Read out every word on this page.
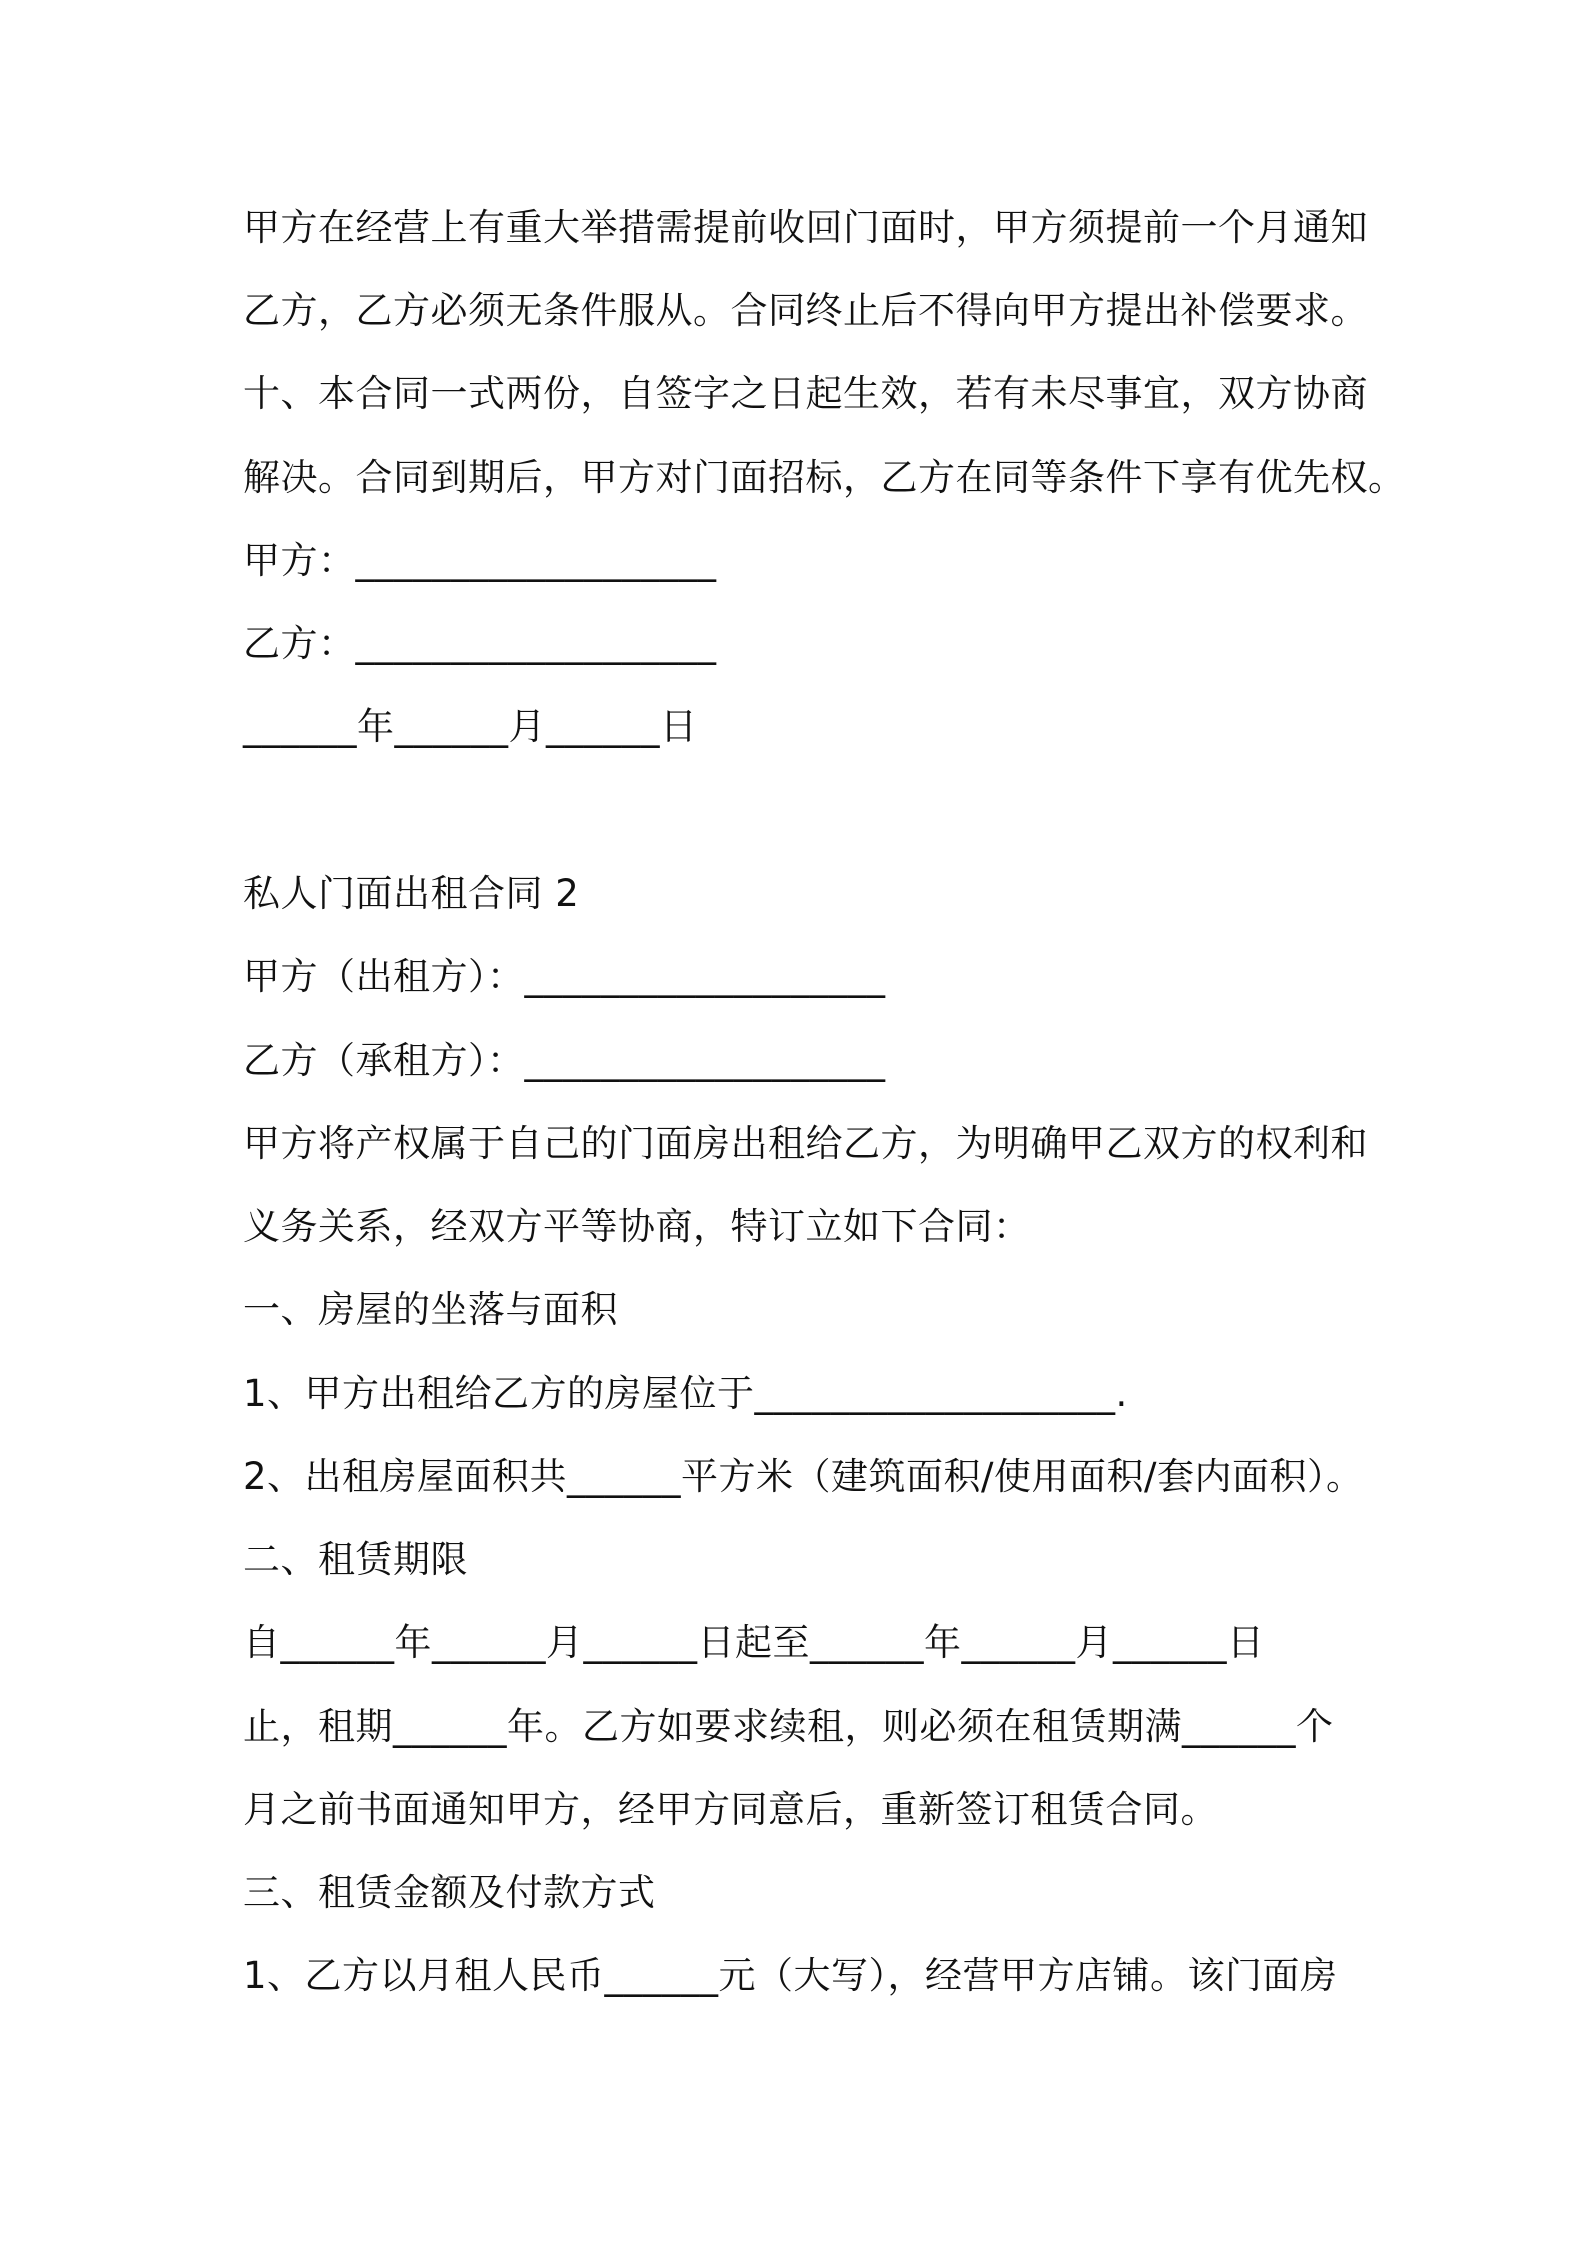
甲方在经营上有重大举措需提前收回门面时，甲方须提前一个月通知
乙方，乙方必须无条件服从。合同终止后不得向甲方提出补偿要求。
十、本合同一式两份，自签字之日起生效，若有未尽事宜，双方协商
解决。合同到期后，甲方对门面招标，乙方在同等条件下享有优先权。
甲方：___________________
乙方：___________________
______年______月______日
私人门面出租合同 2
甲方（出租方）：___________________
乙方（承租方）：___________________
甲方将产权属于自己的门面房出租给乙方，为明确甲乙双方的权利和
义务关系，经双方平等协商，特订立如下合同：
一、房屋的坐落与面积
1、甲方出租给乙方的房屋位于___________________.
2、出租房屋面积共______平方米（建筑面积/使用面积/套内面积）。
二、租赁期限
自______年______月______日起至______年______月______日
止，租期______年。乙方如要求续租，则必须在租赁期满______个
月之前书面通知甲方，经甲方同意后，重新签订租赁合同。
三、租赁金额及付款方式
1、乙方以月租人民币______元（大写），经营甲方店铺。该门面房
